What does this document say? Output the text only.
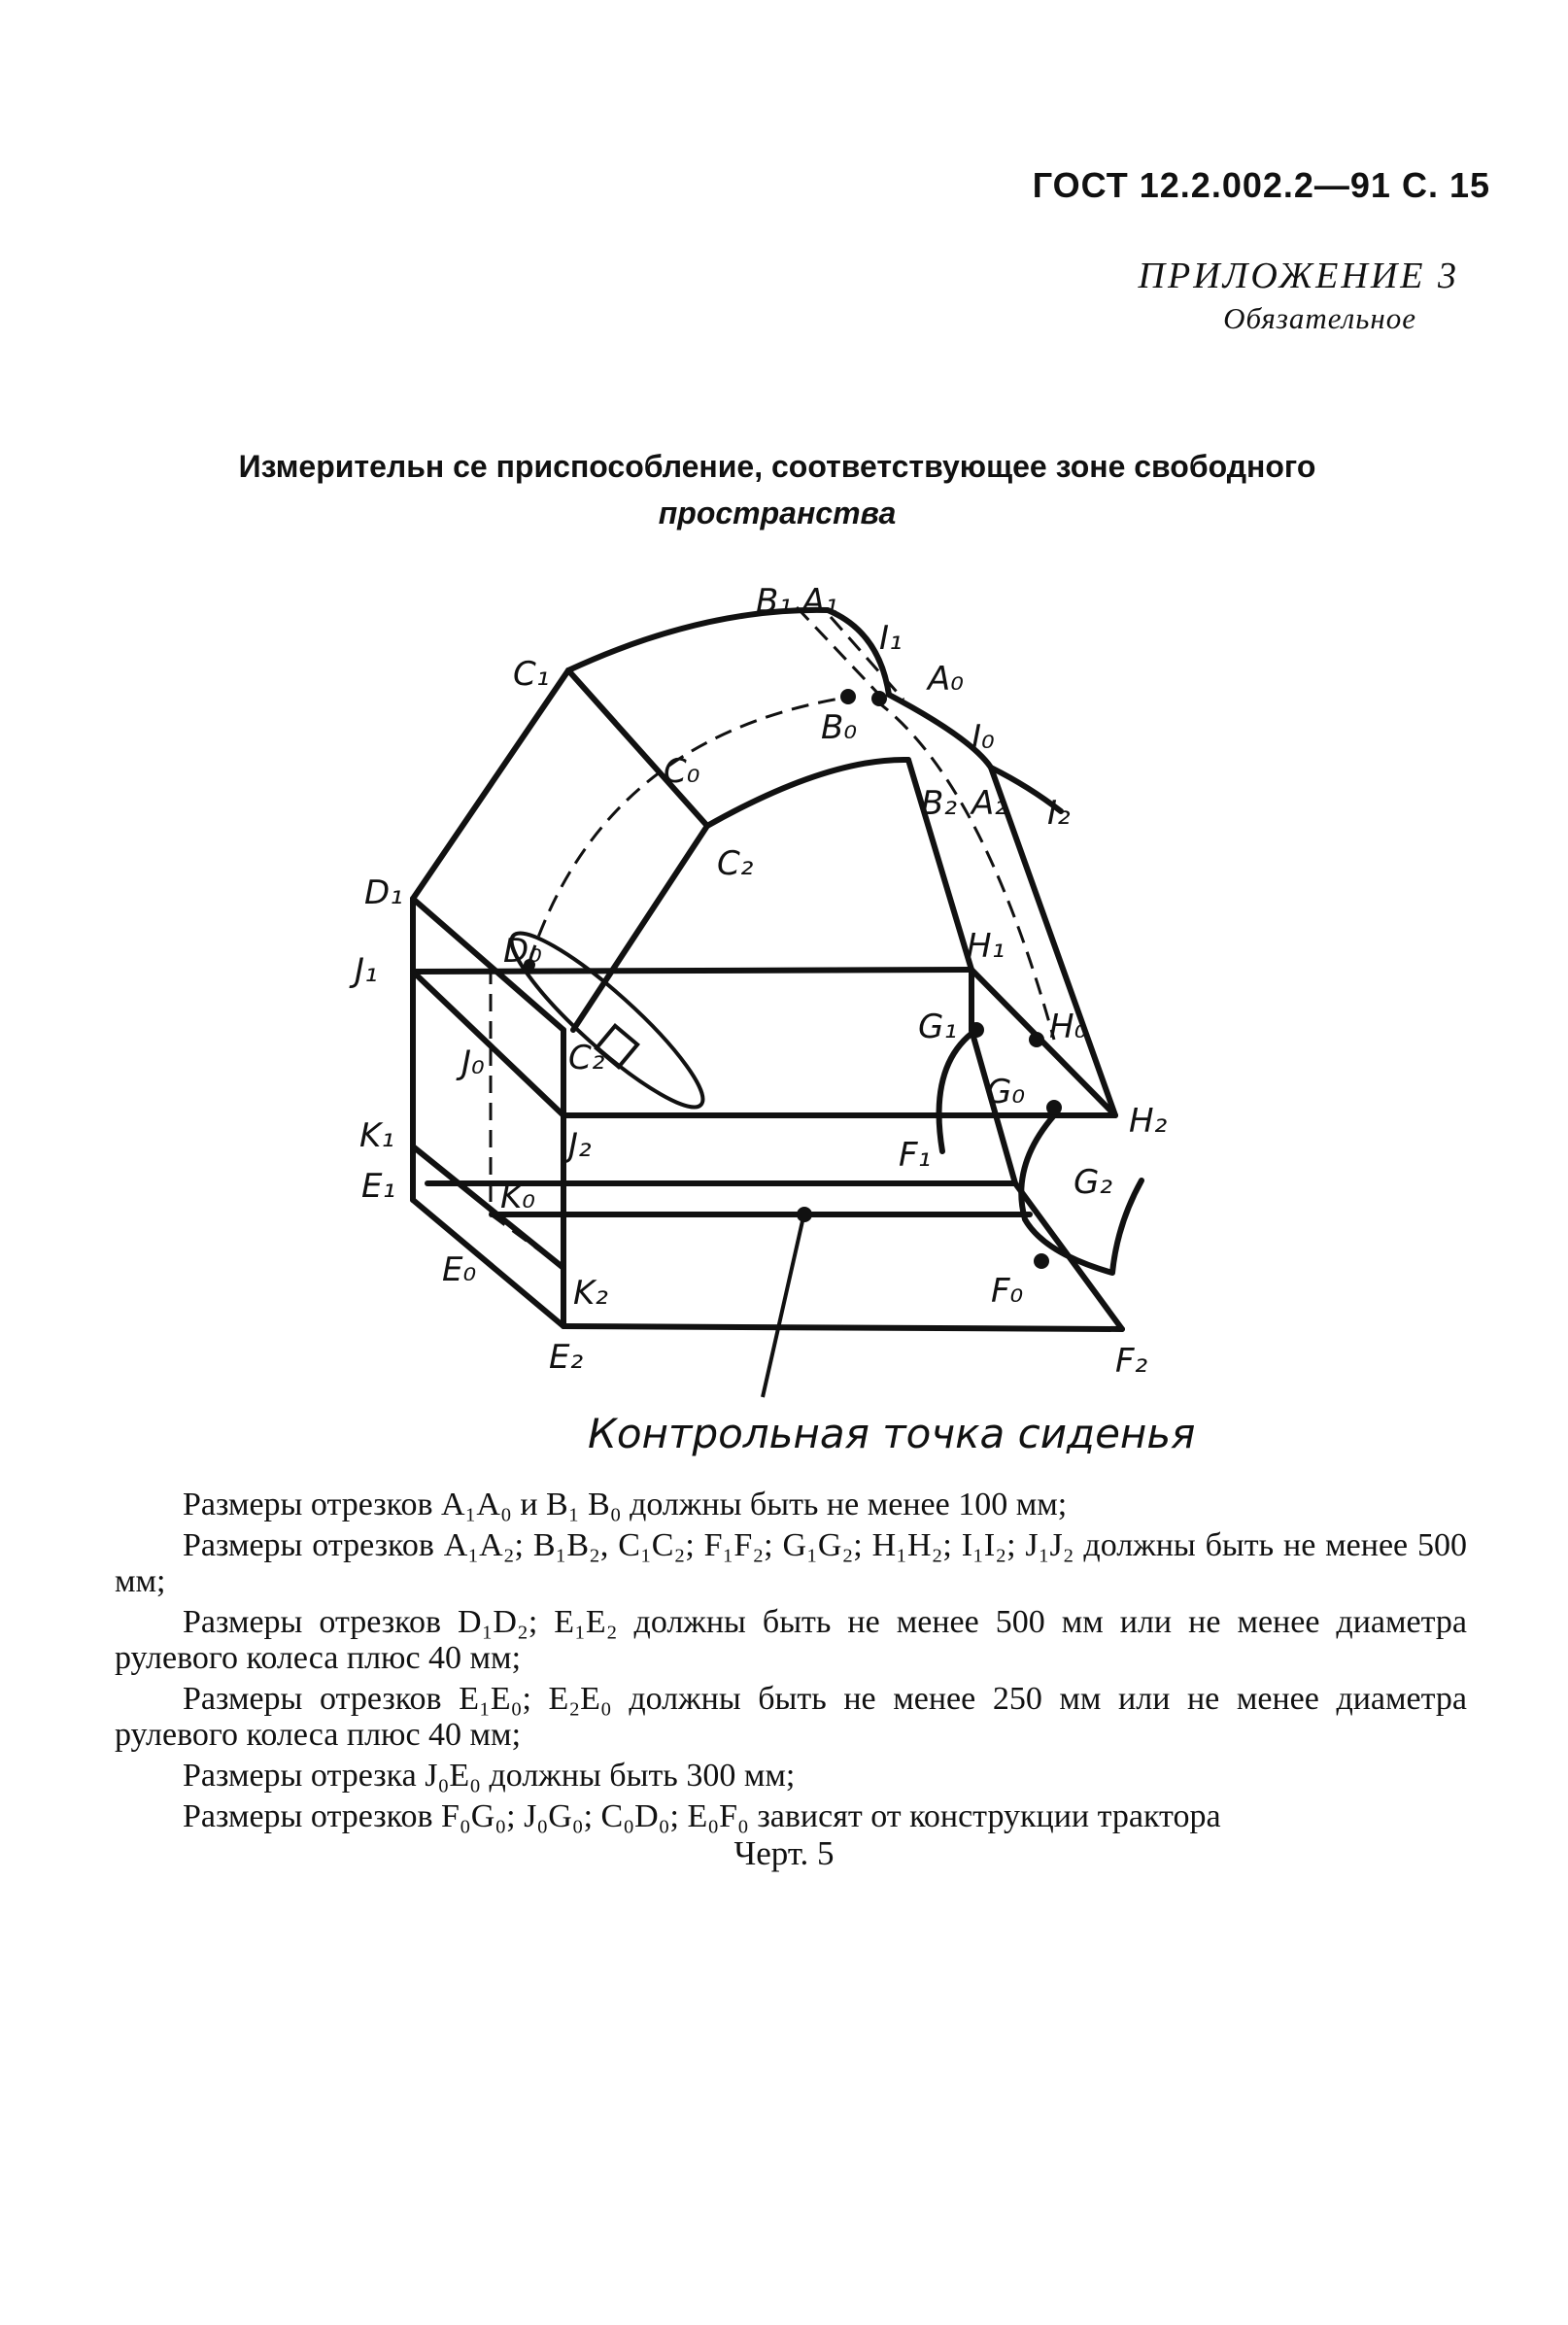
ГОСТ 12.2.002.2—91 С. 15
ПРИЛОЖЕНИЕ 3
Обязательное
Измерительн се приспособление, соответствующее зоне свободного
пространства
B₁ A₁
I₁
A₀
C₁
B₀	I₀
C₀
B₂ A₂ I₂
C₂
D₁
D₀
J₁
H₁
G₁	H₀
C₂
J₀
G₀
H₂
K₁	J₂	F₁
E₁	K₀	G₂
E₀
K₂	F₀
E₂	F₂
Контрольная точка сиденья

Размеры отрезков A₁A₀ и B₁ B₀ должны быть не менее 100 мм;

Размеры отрезков A₁A₂; B₁B₂, C₁C₂; F₁F₂; G₁G₂; H₁H₂; I₁I₂; J₁J₂ должны быть не менее 500 мм;

Размеры отрезков D₁D₂; E₁E₂ должны быть не менее 500 мм или не менее диаметра рулевого колеса плюс 40 мм;

Размеры отрезков E₁E₀; E₂E₀ должны быть не менее 250 мм или не менее диаметра рулевого колеса плюс 40 мм;

Размеры отрезка J₀E₀ должны быть 300 мм;

Размеры отрезков F₀G₀; J₀G₀; C₀D₀; E₀F₀ зависят от конструкции трактора

Черт. 5
